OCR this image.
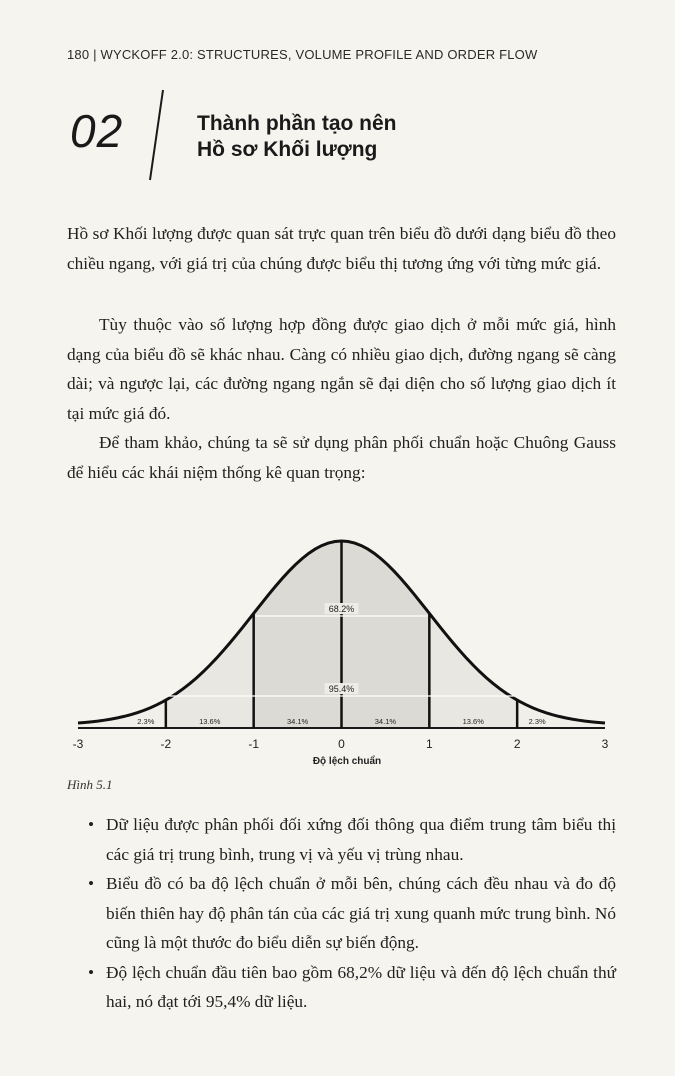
180 | WYCKOFF 2.0: STRUCTURES, VOLUME PROFILE AND ORDER FLOW
02	Thành phần tạo nên
Hồ sơ Khối lượng

Hồ sơ Khối lượng được quan sát trực quan trên biểu đồ dưới dạng biểu đồ theo chiều ngang, với giá trị của chúng được biểu thị tương ứng với từng mức giá.

Tùy thuộc vào số lượng hợp đồng được giao dịch ở mỗi mức giá, hình dạng của biểu đồ sẽ khác nhau. Càng có nhiều giao dịch, đường ngang sẽ càng dài; và ngược lại, các đường ngang ngắn sẽ đại diện cho số lượng giao dịch ít tại mức giá đó.

Để tham khảo, chúng ta sẽ sử dụng phân phối chuẩn hoặc Chuông Gauss để hiểu các khái niệm thống kê quan trọng:

68.2%
95.4%
2.3%	13.6%	34.1%	34.1%	13.6%	2.3%
-3	-2	-1	0	1	2	3
Độ lệch chuẩn
Hình 5.1
• Dữ liệu được phân phối đối xứng đối thông qua điểm trung tâm biểu thị các giá trị trung bình, trung vị và yếu vị trùng nhau.
• Biểu đồ có ba độ lệch chuẩn ở mỗi bên, chúng cách đều nhau và đo độ biến thiên hay độ phân tán của các giá trị xung quanh mức trung bình. Nó cũng là một thước đo biểu diễn sự biến động.
• Độ lệch chuẩn đầu tiên bao gồm 68,2% dữ liệu và đến độ lệch chuẩn thứ hai, nó đạt tới 95,4% dữ liệu.
